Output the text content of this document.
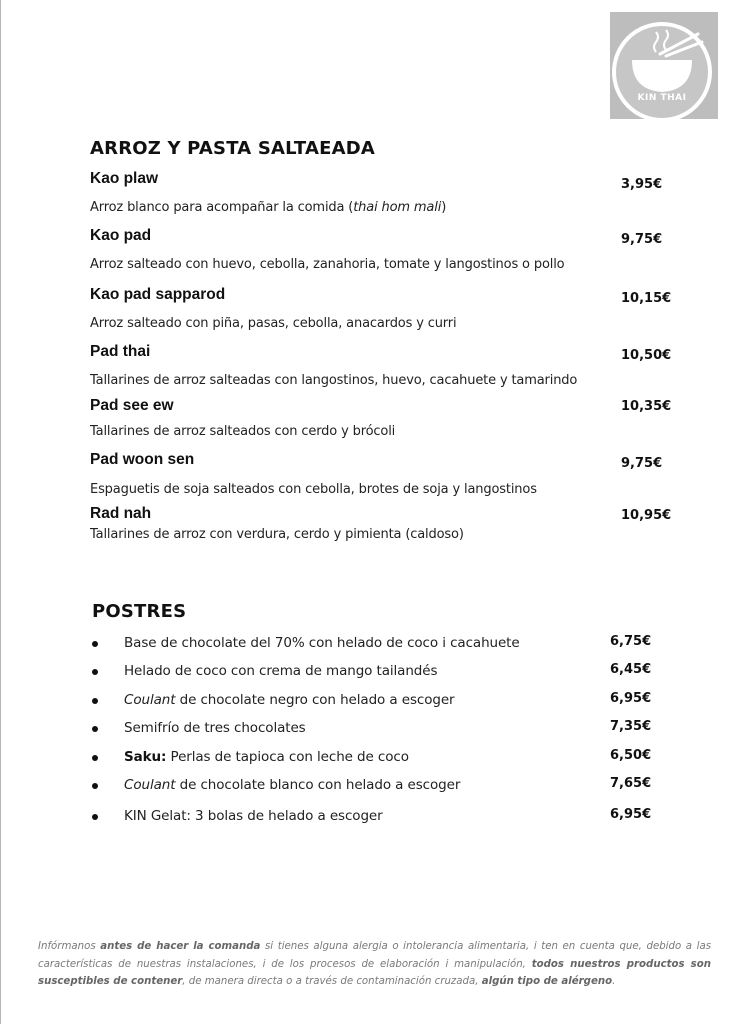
KIN THAI
ARROZ Y PASTA SALTAEADA
Kao plaw	3,95€
Arroz blanco para acompañar la comida (thai hom mali)
Kao pad	9,75€
Arroz salteado con huevo, cebolla, zanahoria, tomate y langostinos o pollo
Kao pad sapparod	10,15€
Arroz salteado con piña, pasas, cebolla, anacardos y curri
Pad thai	10,50€
Tallarines de arroz salteadas con langostinos, huevo, cacahuete y tamarindo
Pad see ew	10,35€
Tallarines de arroz salteados con cerdo y brócoli
Pad woon sen	9,75€
Espaguetis de soja salteados con cebolla, brotes de soja y langostinos
Rad nah	10,95€
Tallarines de arroz con verdura, cerdo y pimienta (caldoso)
POSTRES
Base de chocolate del 70% con helado de coco i cacahuete	6,75€
Helado de coco con crema de mango tailandés	6,45€
Coulant de chocolate negro con helado a escoger	6,95€
Semifrío de tres chocolates	7,35€
Saku: Perlas de tapioca con leche de coco	6,50€
Coulant de chocolate blanco con helado a escoger	7,65€
KIN Gelat: 3 bolas de helado a escoger	6,95€

Infórmanos antes de hacer la comanda si tienes alguna alergia o intolerancia alimentaria, i ten en cuenta que, debido a las características de nuestras instalaciones, i de los procesos de elaboración i manipulación, todos nuestros productos son susceptibles de contener, de manera directa o a través de contaminación cruzada, algún tipo de alérgeno.
